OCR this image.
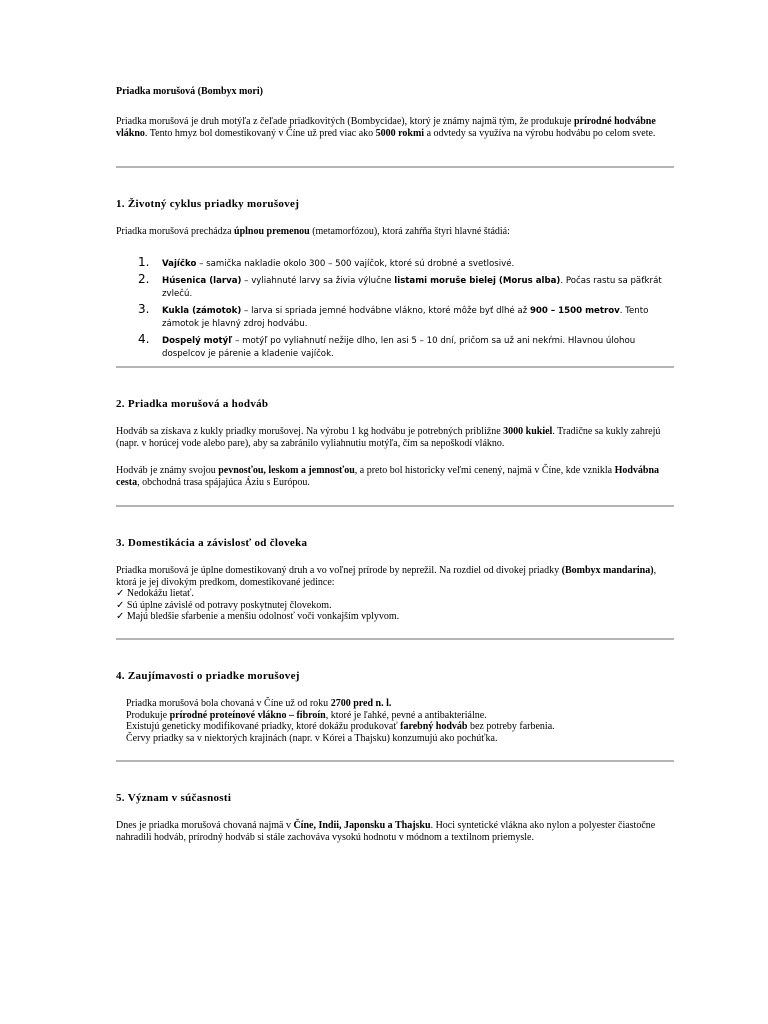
Priadka morušová (Bombyx mori)

Priadka morušová je druh motýľa z čeľade priadkovitých (Bombycidae), ktorý je známy najmä tým, že produkuje prírodné hodvábne vlákno. Tento hmyz bol domestikovaný v Číne už pred viac ako 5000 rokmi a odvtedy sa využíva na výrobu hodvábu po celom svete.

1. Životný cyklus priadky morušovej

Priadka morušová prechádza úplnou premenou (metamorfózou), ktorá zahŕňa štyri hlavné štádiá:

1. Vajíčko – samička nakladie okolo 300 – 500 vajíčok, ktoré sú drobné a svetlosivé.
2. Húsenica (larva) – vyliahnuté larvy sa živia výlučne listami moruše bielej (Morus alba). Počas rastu sa päťkrát zvlečú.
3. Kukla (zámotok) – larva si spriada jemné hodvábne vlákno, ktoré môže byť dlhé až 900 – 1500 metrov. Tento zámotok je hlavný zdroj hodvábu.
4. Dospelý motýľ – motýľ po vyliahnutí nežije dlho, len asi 5 – 10 dní, pričom sa už ani nekŕmi. Hlavnou úlohou dospelcov je párenie a kladenie vajíčok.
2. Priadka morušová a hodváb

Hodváb sa získava z kukly priadky morušovej. Na výrobu 1 kg hodvábu je potrebných približne 3000 kukiel. Tradične sa kukly zahrejú (napr. v horúcej vode alebo pare), aby sa zabránilo vyliahnutiu motýľa, čím sa nepoškodí vlákno.

Hodváb je známy svojou pevnosťou, leskom a jemnosťou, a preto bol historicky veľmi cenený, najmä v Číne, kde vznikla Hodvábna cesta, obchodná trasa spájajúca Áziu s Európou.

3. Domestikácia a závislosť od človeka

Priadka morušová je úplne domestikovaný druh a vo voľnej prírode by neprežil. Na rozdiel od divokej priadky (Bombyx mandarina), ktorá je jej divokým predkom, domestikované jedince:

✓ Nedokážu lietať.
✓ Sú úplne závislé od potravy poskytnutej človekom.
✓ Majú bledšie sfarbenie a menšiu odolnosť voči vonkajším vplyvom.
4. Zaujímavosti o priadke morušovej
Priadka morušová bola chovaná v Číne už od roku 2700 pred n. l.
Produkuje prírodné proteínové vlákno – fibroín, ktoré je ľahké, pevné a antibakteriálne.
Existujú geneticky modifikované priadky, ktoré dokážu produkovať farebný hodváb bez potreby farbenia.
Červy priadky sa v niektorých krajinách (napr. v Kórei a Thajsku) konzumujú ako pochúťka.
5. Význam v súčasnosti

Dnes je priadka morušová chovaná najmä v Číne, Indii, Japonsku a Thajsku. Hoci syntetické vlákna ako nylon a polyester čiastočne nahradili hodváb, prírodný hodváb si stále zachováva vysokú hodnotu v módnom a textilnom priemysle.
